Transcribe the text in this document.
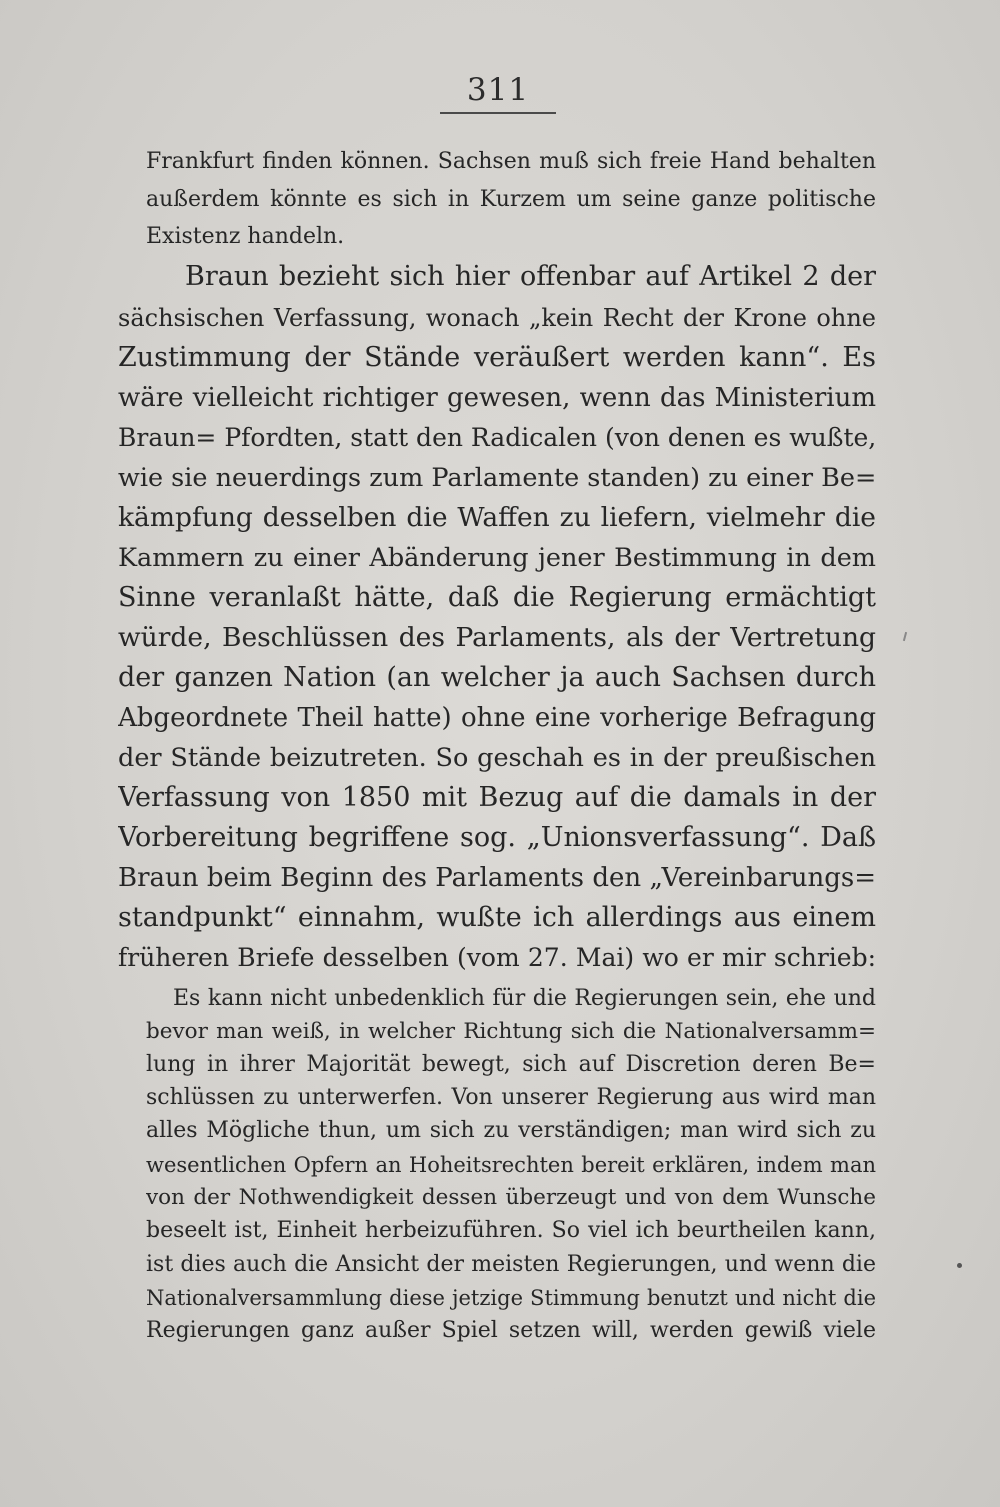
311
Frankfurt finden können. Sachsen muß sich freie Hand behalten
außerdem könnte es sich in Kurzem um seine ganze politische
Existenz handeln.
Braun bezieht sich hier offenbar auf Artikel 2 der
sächsischen Verfassung, wonach „kein Recht der Krone ohne
Zustimmung der Stände veräußert werden kann“. Es
wäre vielleicht richtiger gewesen, wenn das Ministerium
Braun= Pfordten, statt den Radicalen (von denen es wußte,
wie sie neuerdings zum Parlamente standen) zu einer Be=
kämpfung desselben die Waffen zu liefern, vielmehr die
Kammern zu einer Abänderung jener Bestimmung in dem
Sinne veranlaßt hätte, daß die Regierung ermächtigt
würde, Beschlüssen des Parlaments, als der Vertretung
der ganzen Nation (an welcher ja auch Sachsen durch
Abgeordnete Theil hatte) ohne eine vorherige Befragung
der Stände beizutreten. So geschah es in der preußischen
Verfassung von 1850 mit Bezug auf die damals in der
Vorbereitung begriffene sog. „Unionsverfassung“. Daß
Braun beim Beginn des Parlaments den „Vereinbarungs=
standpunkt“ einnahm, wußte ich allerdings aus einem
früheren Briefe desselben (vom 27. Mai) wo er mir schrieb:
Es kann nicht unbedenklich für die Regierungen sein, ehe und
bevor man weiß, in welcher Richtung sich die Nationalversamm=
lung in ihrer Majorität bewegt, sich auf Discretion deren Be=
schlüssen zu unterwerfen. Von unserer Regierung aus wird man
alles Mögliche thun, um sich zu verständigen; man wird sich zu
wesentlichen Opfern an Hoheitsrechten bereit erklären, indem man
von der Nothwendigkeit dessen überzeugt und von dem Wunsche
beseelt ist, Einheit herbeizuführen. So viel ich beurtheilen kann,
ist dies auch die Ansicht der meisten Regierungen, und wenn die
Nationalversammlung diese jetzige Stimmung benutzt und nicht die
Regierungen ganz außer Spiel setzen will, werden gewiß viele
